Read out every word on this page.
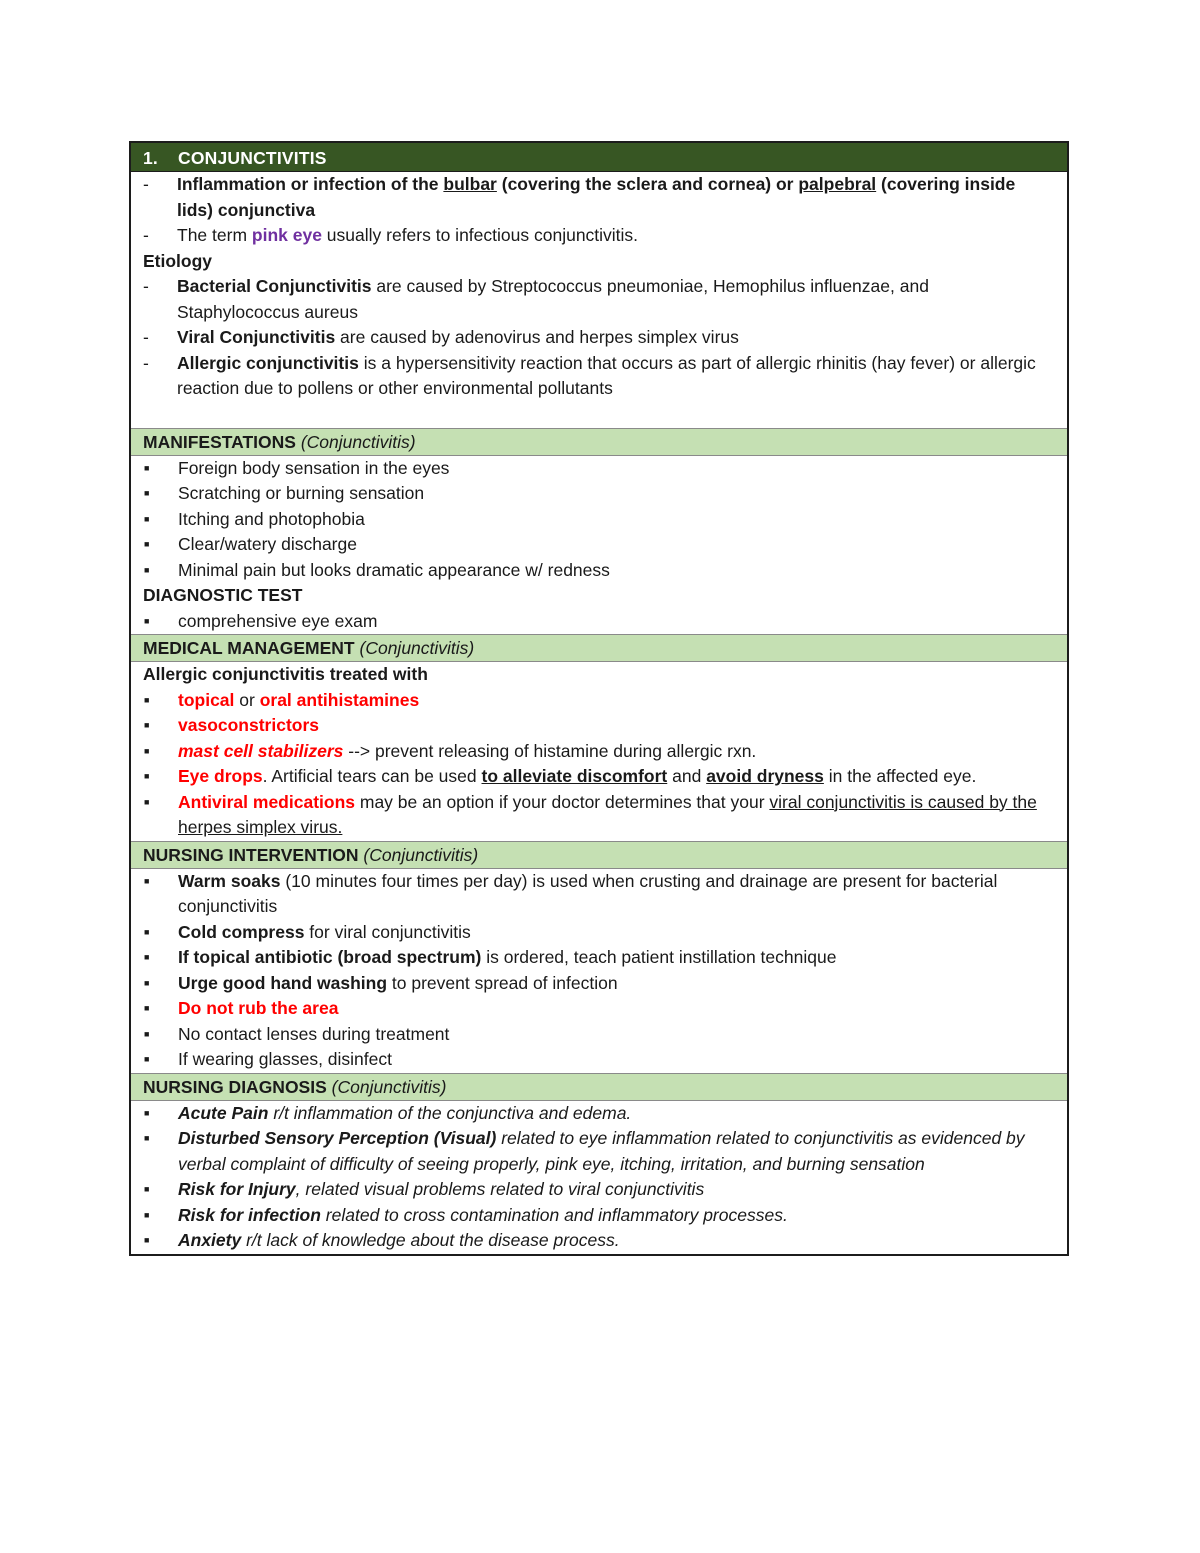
1. CONJUNCTIVITIS
-	Inflammation or infection of the bulbar (covering the sclera and cornea) or palpebral (covering inside lids) conjunctiva
-	The term pink eye usually refers to infectious conjunctivitis.
Etiology
-	Bacterial Conjunctivitis are caused by Streptococcus pneumoniae, Hemophilus influenzae, and Staphylococcus aureus
-	Viral Conjunctivitis are caused by adenovirus and herpes simplex virus
-	Allergic conjunctivitis is a hypersensitivity reaction that occurs as part of allergic rhinitis (hay fever) or allergic reaction due to pollens or other environmental pollutants
MANIFESTATIONS (Conjunctivitis)
■	Foreign body sensation in the eyes
■	Scratching or burning sensation
■	Itching and photophobia
■	Clear/watery discharge
■	Minimal pain but looks dramatic appearance w/ redness
DIAGNOSTIC TEST
■	comprehensive eye exam
MEDICAL MANAGEMENT (Conjunctivitis)
Allergic conjunctivitis treated with
■	topical or oral antihistamines
■	vasoconstrictors
■	mast cell stabilizers --> prevent releasing of histamine during allergic rxn.
■	Eye drops. Artificial tears can be used to alleviate discomfort and avoid dryness in the affected eye.
■	Antiviral medications may be an option if your doctor determines that your viral conjunctivitis is caused by the herpes simplex virus.
NURSING INTERVENTION (Conjunctivitis)
■	Warm soaks (10 minutes four times per day) is used when crusting and drainage are present for bacterial conjunctivitis
■	Cold compress for viral conjunctivitis
■	If topical antibiotic (broad spectrum) is ordered, teach patient instillation technique
■	Urge good hand washing to prevent spread of infection
■	Do not rub the area
■	No contact lenses during treatment
■	If wearing glasses, disinfect
NURSING DIAGNOSIS (Conjunctivitis)
■	Acute Pain r/t inflammation of the conjunctiva and edema.
■	Disturbed Sensory Perception (Visual) related to eye inflammation related to conjunctivitis as evidenced by verbal complaint of difficulty of seeing properly, pink eye, itching, irritation, and burning sensation
■	Risk for Injury, related visual problems related to viral conjunctivitis
■	Risk for infection related to cross contamination and inflammatory processes.
■	Anxiety r/t lack of knowledge about the disease process.
